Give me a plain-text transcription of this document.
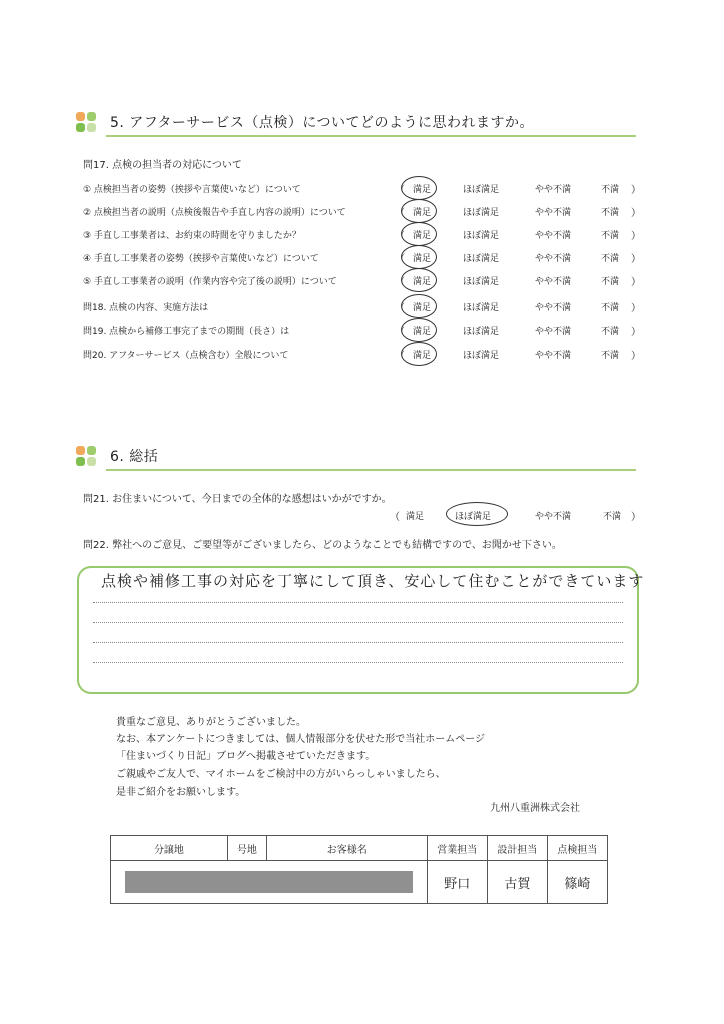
5. アフターサービス（点検）についてどのように思われますか。
問17. 点検の担当者の対応について
① 点検担当者の姿勢（挨拶や言葉使いなど）について	（ 満足	ほぼ満足	やや不満	不満 ）
② 点検担当者の説明（点検後報告や手直し内容の説明）について	（ 満足	ほぼ満足	やや不満	不満 ）
③ 手直し工事業者は、お約束の時間を守りましたか？	（ 満足	ほぼ満足	やや不満	不満 ）
④ 手直し工事業者の姿勢（挨拶や言葉使いなど）について	（ 満足	ほぼ満足	やや不満	不満 ）
⑤ 手直し工事業者の説明（作業内容や完了後の説明）について	（ 満足	ほぼ満足	やや不満	不満 ）
問18. 点検の内容、実施方法は	（ 満足	ほぼ満足	やや不満	不満 ）
問19. 点検から補修工事完了までの期間（長さ）は	（ 満足	ほぼ満足	やや不満	不満 ）
問20. アフターサービス（点検含む）全般について	（ 満足	ほぼ満足	やや不満	不満 ）
6. 総括
問21. お住まいについて、今日までの全体的な感想はいかがですか。
（ 満足	ほぼ満足	やや不満	不満 ）
問22. 弊社へのご意見、ご要望等がございましたら、どのようなことでも結構ですので、お聞かせ下さい。
点検や補修工事の対応を丁寧にして頂き、安心して住むことができています

貴重なご意見、ありがとうございました。

なお、本アンケートにつきましては、個人情報部分を伏せた形で当社ホームページ

「住まいづくり日記」ブログへ掲載させていただきます。

ご親戚やご友人で、マイホームをご検討中の方がいらっしゃいましたら、

是非ご紹介をお願いします。

九州八重洲株式会社
分譲地	号地	お客様名	営業担当	設計担当	点検担当
			野口	古賀	篠崎
